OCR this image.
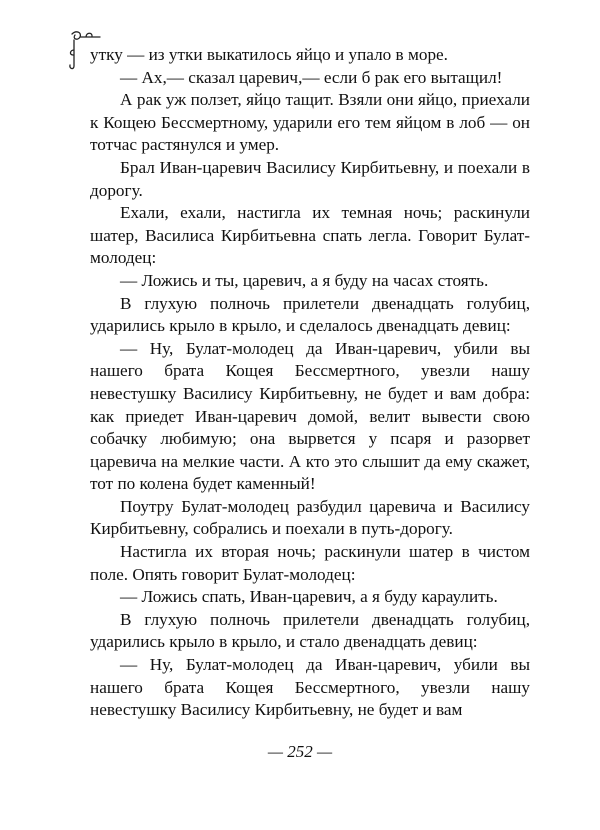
утку — из утки выкатилось яйцо и упало в море.

— Ах,— сказал царевич,— если б рак его вытащил!

А рак уж ползет, яйцо тащит. Взяли они яйцо, приехали к Кощею Бессмертному, ударили его тем яйцом в лоб — он тотчас растянулся и умер.

Брал Иван-царевич Василису Кирбитьевну, и поехали в дорогу.

Ехали, ехали, настигла их темная ночь; раскинули шатер, Василиса Кирбитьевна спать легла. Говорит Булат-молодец:

— Ложись и ты, царевич, а я буду на часах стоять.

В глухую полночь прилетели двенадцать голубиц, ударились крыло в крыло, и сделалось двенадцать девиц:

— Ну, Булат-молодец да Иван-царевич, убили вы нашего брата Кощея Бессмертного, увезли нашу невестушку Василису Кирбитьевну, не будет и вам добра: как приедет Иван-царевич домой, велит вывести свою собачку любимую; она вырвется у псаря и разорвет царевича на мелкие части. А кто это слышит да ему скажет, тот по колена будет каменный!

Поутру Булат-молодец разбудил царевича и Василису Кирбитьевну, собрались и поехали в путь-дорогу.

Настигла их вторая ночь; раскинули шатер в чистом поле. Опять говорит Булат-молодец:

— Ложись спать, Иван-царевич, а я буду караулить.

В глухую полночь прилетели двенадцать голубиц, ударились крыло в крыло, и стало двенадцать девиц:

— Ну, Булат-молодец да Иван-царевич, убили вы нашего брата Кощея Бессмертного, увезли нашу невестушку Василису Кирбитьевну, не будет и вам

— 252 —
